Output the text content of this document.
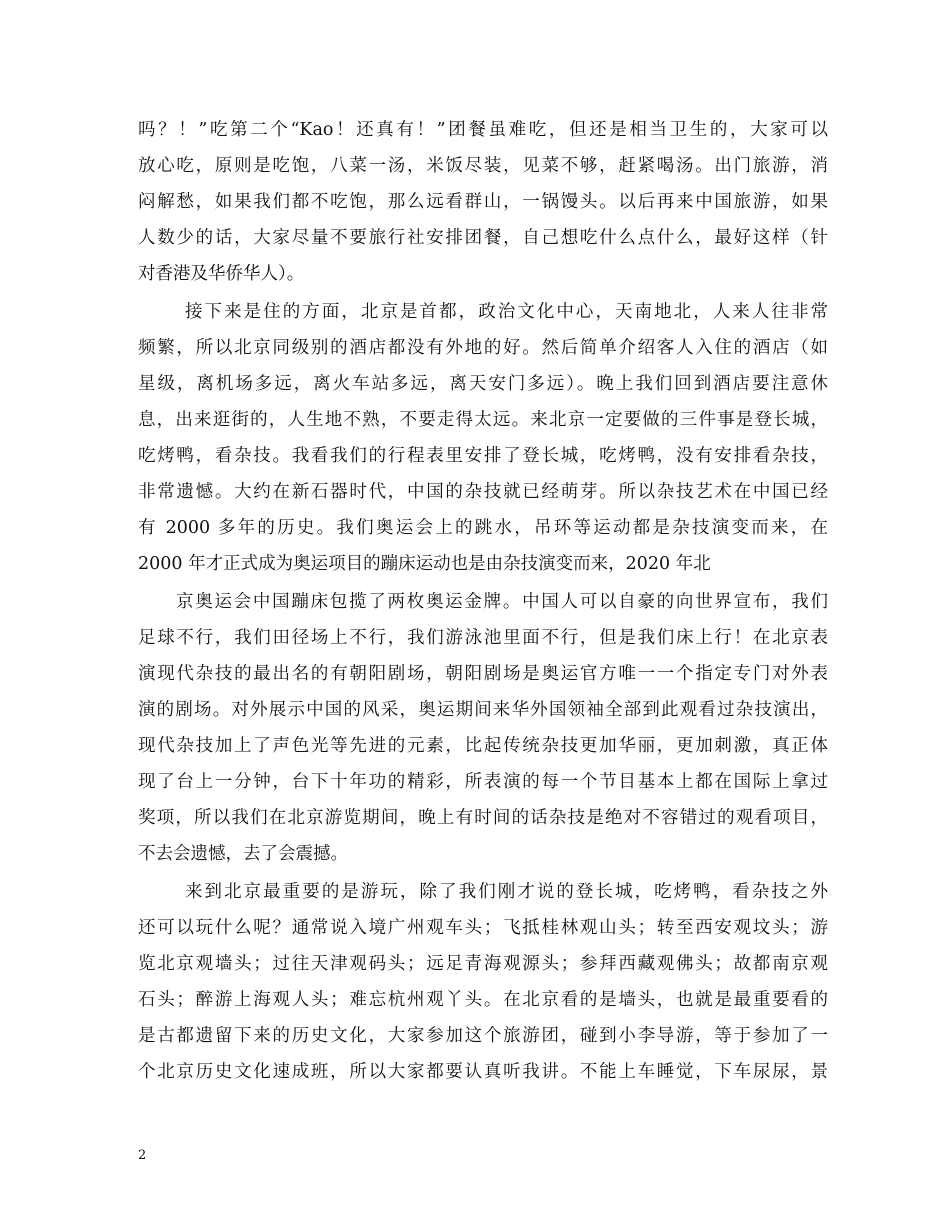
吗？！”吃第二个“Kao！还真有！”团餐虽难吃，但还是相当卫生的，大家可以
放心吃，原则是吃饱，八菜一汤，米饭尽装，见菜不够，赶紧喝汤。出门旅游，消
闷解愁，如果我们都不吃饱，那么远看群山，一锅馒头。以后再来中国旅游，如果
人数少的话，大家尽量不要旅行社安排团餐，自己想吃什么点什么，最好这样（针
对香港及华侨华人）。
接下来是住的方面，北京是首都，政治文化中心，天南地北，人来人往非常
频繁，所以北京同级别的酒店都没有外地的好。然后简单介绍客人入住的酒店（如
星级，离机场多远，离火车站多远，离天安门多远）。晚上我们回到酒店要注意休
息，出来逛街的，人生地不熟，不要走得太远。来北京一定要做的三件事是登长城，
吃烤鸭，看杂技。我看我们的行程表里安排了登长城，吃烤鸭，没有安排看杂技，
非常遗憾。大约在新石器时代，中国的杂技就已经萌芽。所以杂技艺术在中国已经
有 2000 多年的历史。我们奥运会上的跳水，吊环等运动都是杂技演变而来，在
2000 年才正式成为奥运项目的蹦床运动也是由杂技演变而来，2020 年北
京奥运会中国蹦床包揽了两枚奥运金牌。中国人可以自豪的向世界宣布，我们
足球不行，我们田径场上不行，我们游泳池里面不行，但是我们床上行！在北京表
演现代杂技的最出名的有朝阳剧场，朝阳剧场是奥运官方唯一一个指定专门对外表
演的剧场。对外展示中国的风采，奥运期间来华外国领袖全部到此观看过杂技演出，
现代杂技加上了声色光等先进的元素，比起传统杂技更加华丽，更加刺激，真正体
现了台上一分钟，台下十年功的精彩，所表演的每一个节目基本上都在国际上拿过
奖项，所以我们在北京游览期间，晚上有时间的话杂技是绝对不容错过的观看项目，
不去会遗憾，去了会震撼。
来到北京最重要的是游玩，除了我们刚才说的登长城，吃烤鸭，看杂技之外
还可以玩什么呢？通常说入境广州观车头；飞抵桂林观山头；转至西安观坟头；游
览北京观墙头；过往天津观码头；远足青海观源头；参拜西藏观佛头；故都南京观
石头；醉游上海观人头；难忘杭州观丫头。在北京看的是墙头，也就是最重要看的
是古都遗留下来的历史文化，大家参加这个旅游团，碰到小李导游，等于参加了一
个北京历史文化速成班，所以大家都要认真听我讲。不能上车睡觉，下车尿尿，景
2
